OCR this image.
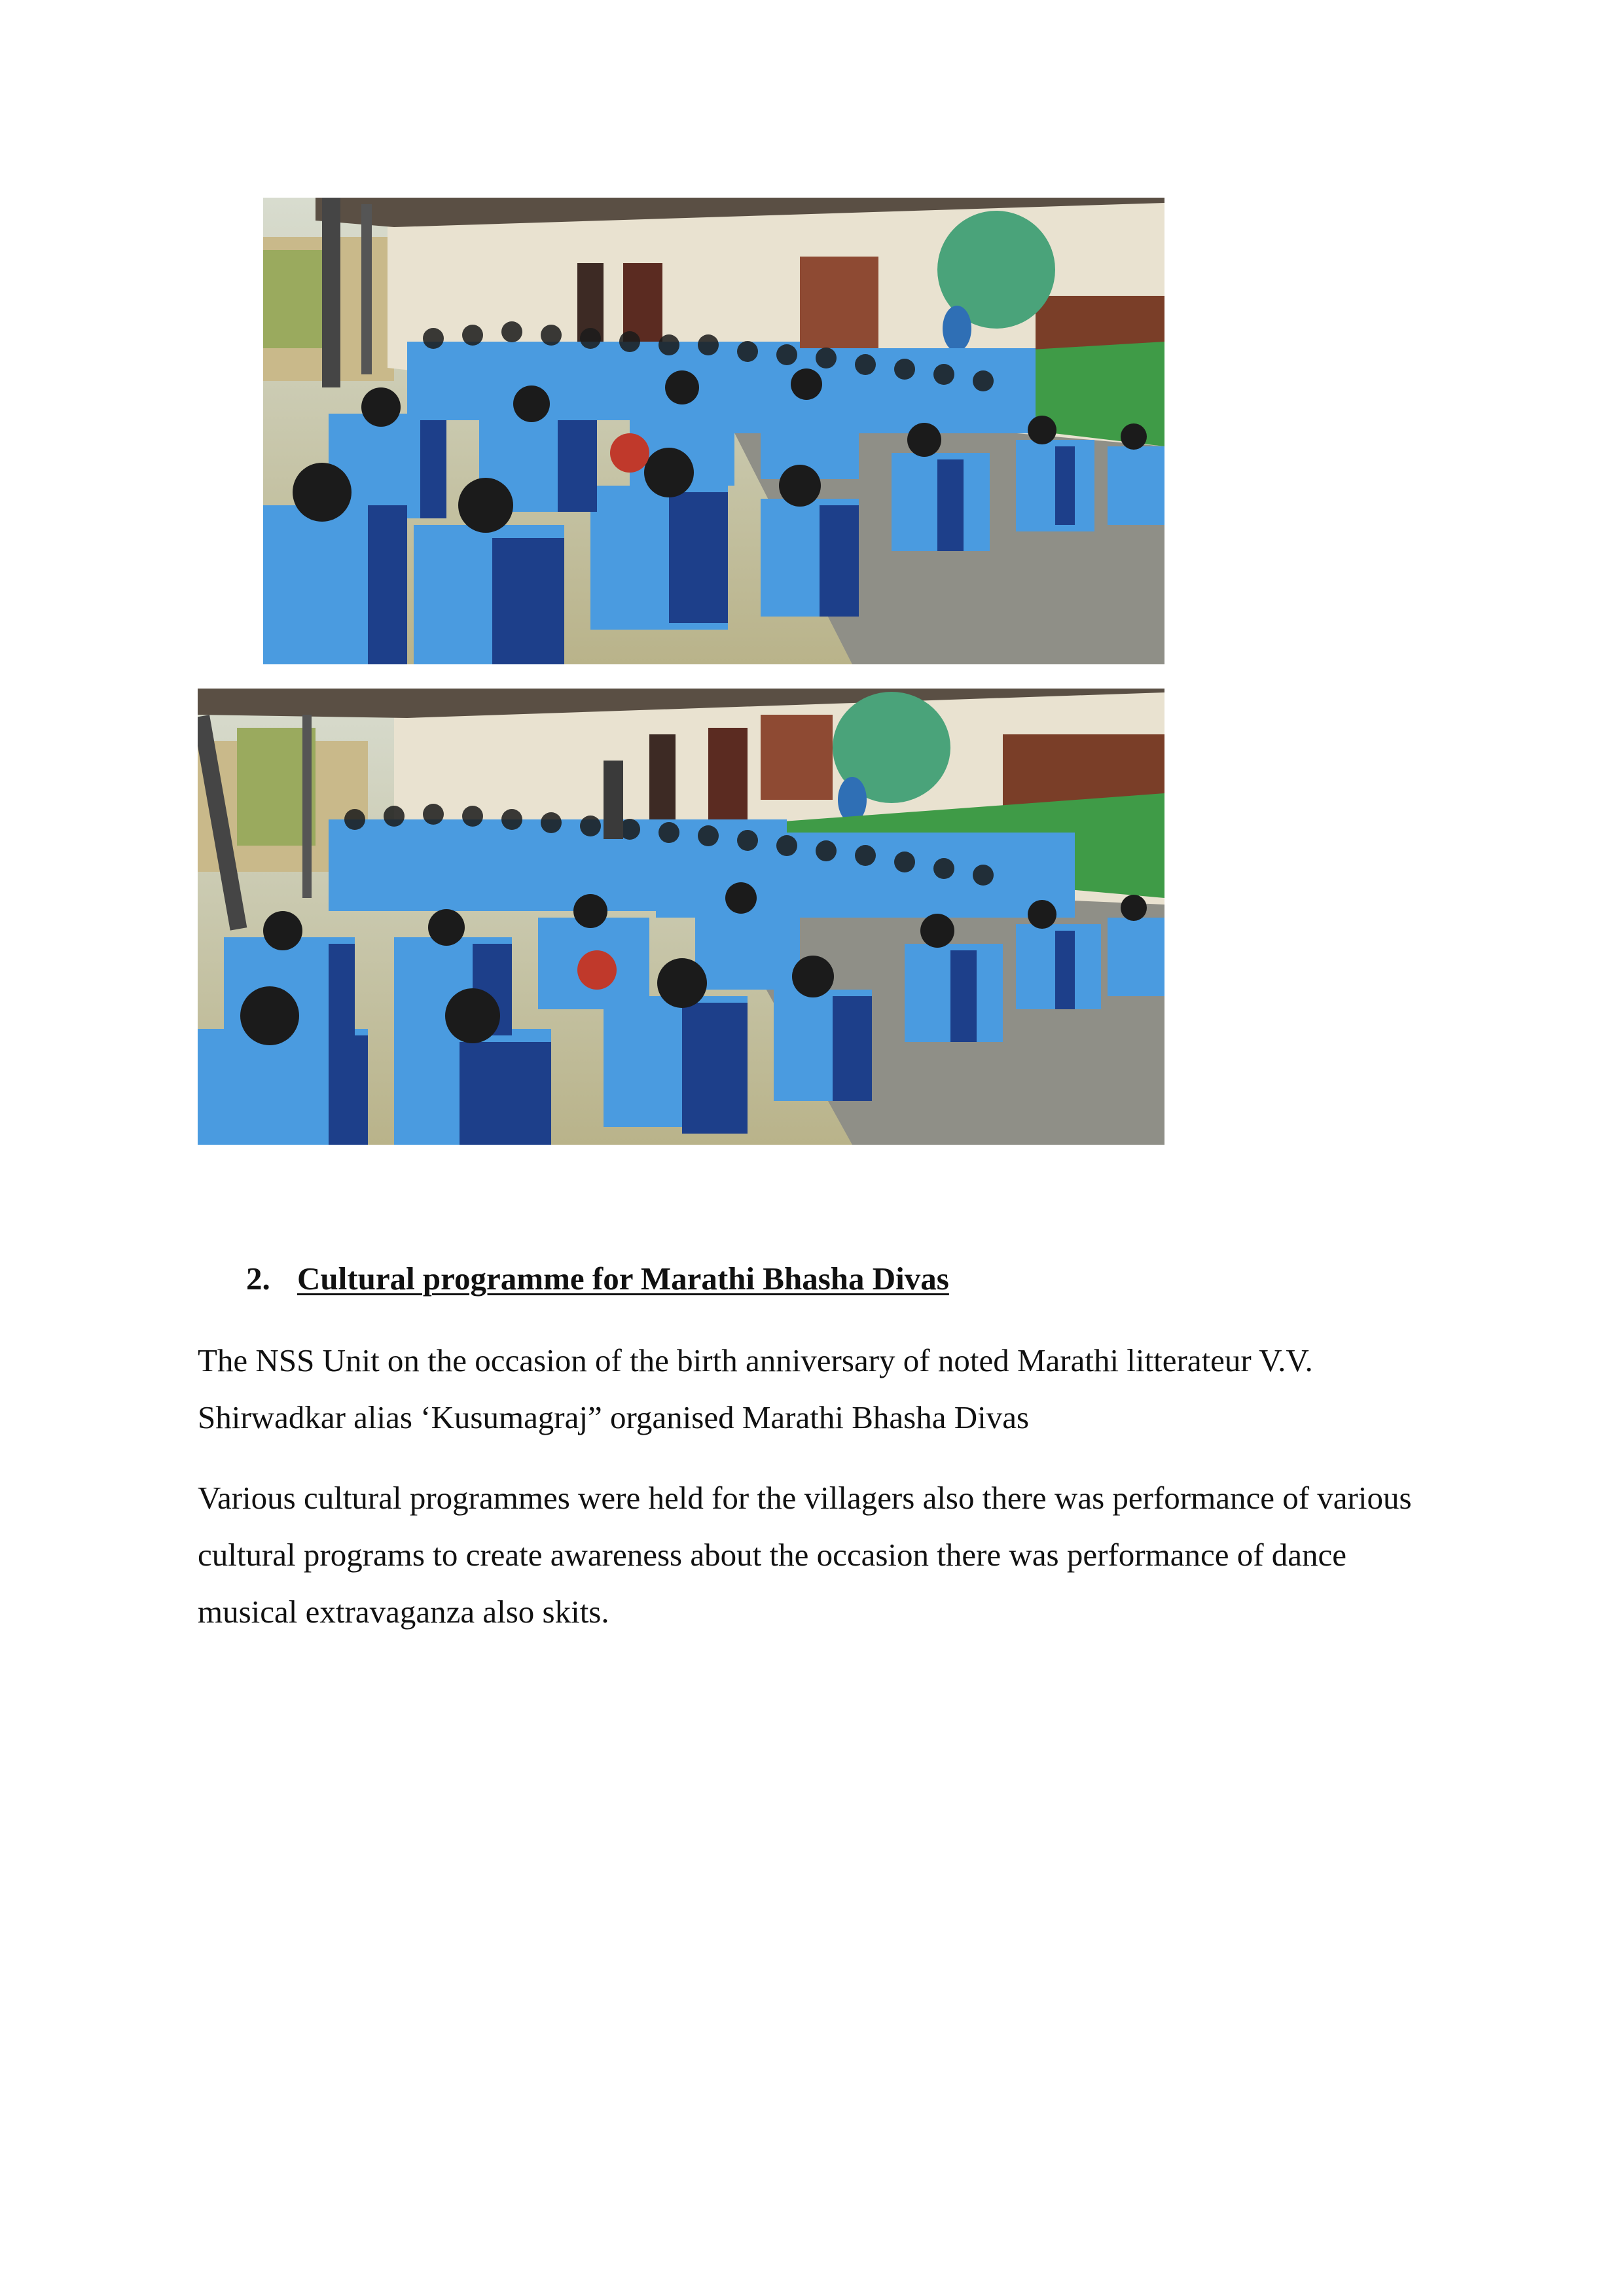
2. Cultural programme for Marathi Bhasha Divas

The NSS Unit on the occasion of the birth anniversary of noted Marathi litterateur V.V. Shirwadkar alias ‘Kusumagraj” organised Marathi Bhasha Divas

Various cultural programmes were held for the villagers also there was performance of various cultural programs to create awareness about the occasion there was performance of dance musical extravaganza also skits.
